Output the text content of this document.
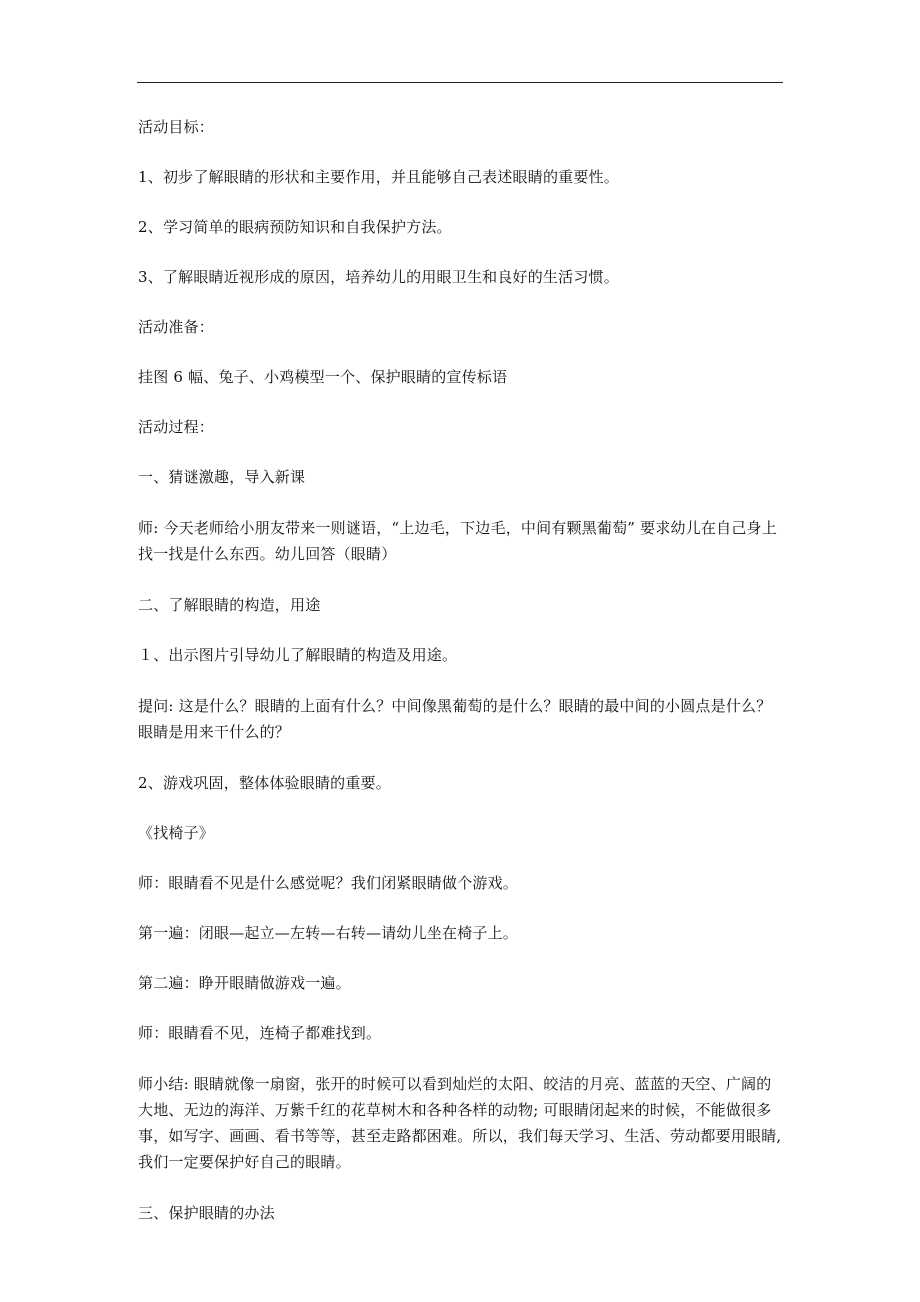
活动目标：

1、初步了解眼睛的形状和主要作用，并且能够自己表述眼睛的重要性。

2、学习简单的眼病预防知识和自我保护方法。

3、了解眼睛近视形成的原因，培养幼儿的用眼卫生和良好的生活习惯。

活动准备：

挂图 6 幅、兔子、小鸡模型一个、保护眼睛的宣传标语

活动过程：

一、猜谜激趣，导入新课

师: 今天老师给小朋友带来一则谜语，“上边毛，下边毛，中间有颗黑葡萄” 要求幼儿在自己身上找一找是什么东西。幼儿回答（眼睛）

二、了解眼睛的构造，用途

１、出示图片引导幼儿了解眼睛的构造及用途。

提问: 这是什么？眼睛的上面有什么？中间像黑葡萄的是什么？眼睛的最中间的小圆点是什么？眼睛是用来干什么的？

2、游戏巩固，整体体验眼睛的重要。

《找椅子》

师：眼睛看不见是什么感觉呢？我们闭紧眼睛做个游戏。

第一遍：闭眼—起立—左转—右转—请幼儿坐在椅子上。

第二遍：睁开眼睛做游戏一遍。

师：眼睛看不见，连椅子都难找到。

师小结: 眼睛就像一扇窗，张开的时候可以看到灿烂的太阳、皎洁的月亮、蓝蓝的天空、广阔的大地、无边的海洋、万紫千红的花草树木和各种各样的动物; 可眼睛闭起来的时候，不能做很多事，如写字、画画、看书等等，甚至走路都困难。所以，我们每天学习、生活、劳动都要用眼睛,我们一定要保护好自己的眼睛。

三、保护眼睛的办法
